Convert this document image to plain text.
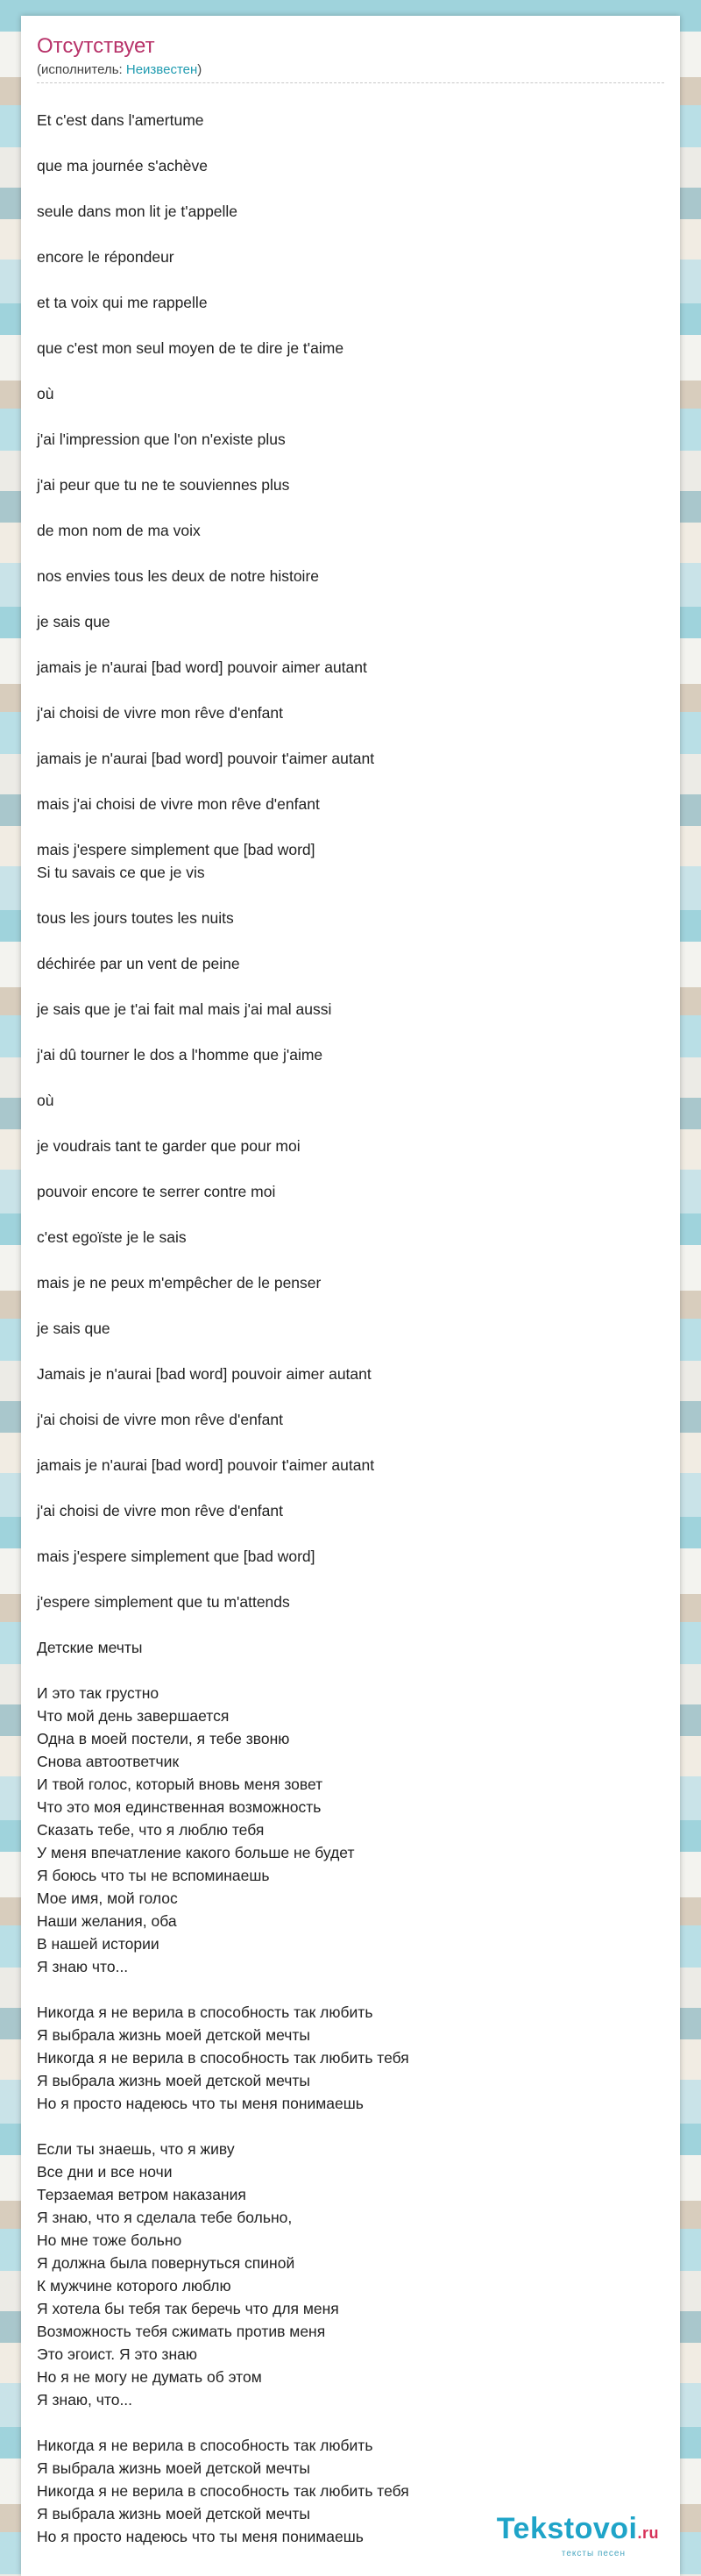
Отсутствует
(исполнитель: Неизвестен)

Et c'est dans l'amertume

que ma journée s'achève

seule dans mon lit je t'appelle

encore le répondeur

et ta voix qui me rappelle

que c'est mon seul moyen de te dire je t'aime

où

j'ai l'impression que l'on n'existe plus

j'ai peur que tu ne te souviennes plus

de mon nom de ma voix

nos envies tous les deux de notre histoire

je sais que

jamais je n'aurai [bad word] pouvoir aimer autant

j'ai choisi de vivre mon rêve d'enfant

jamais je n'aurai [bad word] pouvoir t'aimer autant

mais j'ai choisi de vivre mon rêve d'enfant

mais j'espere simplement que [bad word]
Si tu savais ce que je vis

tous les jours toutes les nuits

déchirée par un vent de peine

je sais que je t'ai fait mal mais j'ai mal aussi

j'ai dû tourner le dos a l'homme que j'aime

où

je voudrais tant te garder que pour moi

pouvoir encore te serrer contre moi

c'est egoïste je le sais

mais je ne peux m'empêcher de le penser

je sais que

Jamais je n'aurai [bad word] pouvoir aimer autant

j'ai choisi de vivre mon rêve d'enfant

jamais je n'aurai [bad word] pouvoir t'aimer autant

j'ai choisi de vivre mon rêve d'enfant

mais j'espere simplement que [bad word]

j'espere simplement que tu m'attends

Детские мечты

И это так грустно
Что мой день завершается
Одна в моей постели, я тебе звоню
Снова автоответчик
И твой голос, который вновь меня зовет
Что это моя единственная возможность
Сказать тебе, что я люблю тебя
У меня впечатление какого больше не будет
Я боюсь что ты не вспоминаешь
Мое имя, мой голос
Наши желания, оба
В нашей истории
Я знаю что...

Никогда я не верила в способность так любить
Я выбрала жизнь моей детской мечты
Никогда я не верила в способность так любить тебя
Я выбрала жизнь моей детской мечты
Но я просто надеюсь что ты меня понимаешь

Если ты знаешь, что я живу
Все дни и все ночи
Терзаемая ветром наказания
Я знаю, что я сделала тебе больно,
Но мне тоже больно
Я должна была повернуться спиной
К мужчине которого люблю
Я хотела бы тебя так беречь что для меня
Возможность тебя сжимать против меня
Это эгоист. Я это знаю
Но я не могу не думать об этом
Я знаю, что...

Никогда я не верила в способность так любить
Я выбрала жизнь моей детской мечты
Никогда я не верила в способность так любить тебя
Я выбрала жизнь моей детской мечты
Но я просто надеюсь что ты меня понимаешь	Tekstovoi.ru
тексты песен
